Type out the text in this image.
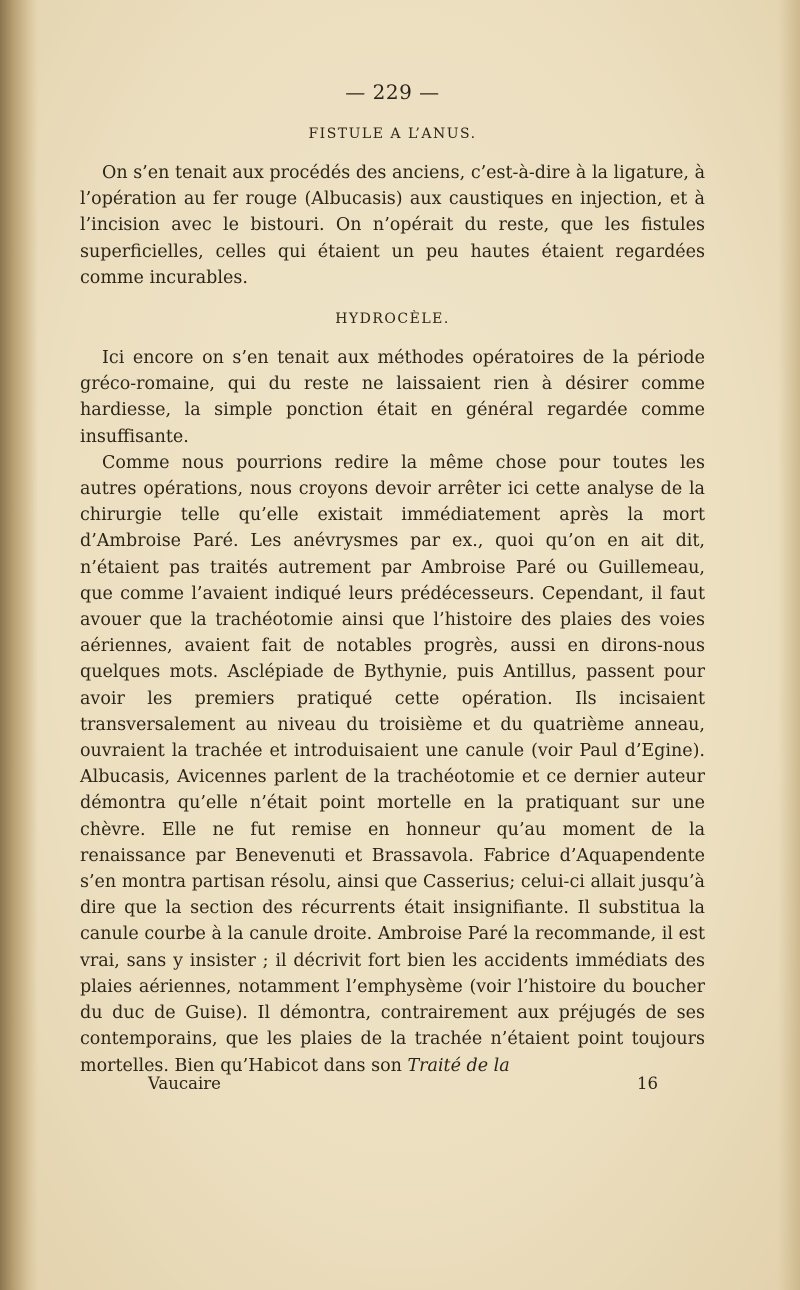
— 229 —
FISTULE A L’ANUS.

On s’en tenait aux procédés des anciens, c’est-à-dire à la ligature, à l’opération au fer rouge (Albucasis) aux caustiques en injection, et à l’incision avec le bistouri. On n’opérait du reste, que les fistules superficielles, celles qui étaient un peu hautes étaient regardées comme incurables.

HYDROCÈLE.

Ici encore on s’en tenait aux méthodes opératoires de la période gréco-romaine, qui du reste ne laissaient rien à désirer comme hardiesse, la simple ponction était en général regardée comme insuffisante.

Comme nous pourrions redire la même chose pour toutes les autres opérations, nous croyons devoir arrêter ici cette analyse de la chirurgie telle qu’elle existait immédiatement après la mort d’Ambroise Paré. Les anévrysmes par ex., quoi qu’on en ait dit, n’étaient pas traités autrement par Ambroise Paré ou Guillemeau, que comme l’avaient indiqué leurs prédécesseurs. Cependant, il faut avouer que la trachéotomie ainsi que l’histoire des plaies des voies aériennes, avaient fait de notables progrès, aussi en dirons-nous quelques mots. Asclépiade de Bythynie, puis Antillus, passent pour avoir les premiers pratiqué cette opération. Ils incisaient transversalement au niveau du troisième et du quatrième anneau, ouvraient la trachée et introduisaient une canule (voir Paul d’Egine). Albucasis, Avicennes parlent de la trachéotomie et ce dernier auteur démontra qu’elle n’était point mortelle en la pratiquant sur une chèvre. Elle ne fut remise en honneur qu’au moment de la renaissance par Benevenuti et Brassavola. Fabrice d’Aquapendente s’en montra partisan résolu, ainsi que Casserius; celui-ci allait jusqu’à dire que la section des récurrents était insignifiante. Il substitua la canule courbe à la canule droite. Ambroise Paré la recommande, il est vrai, sans y insister ; il décrivit fort bien les accidents immédiats des plaies aériennes, notamment l’emphysème (voir l’histoire du boucher du duc de Guise). Il démontra, contrairement aux préjugés de ses contemporains, que les plaies de la trachée n’étaient point toujours mortelles. Bien qu’Habicot dans son Traité de la

Vaucaire	16
